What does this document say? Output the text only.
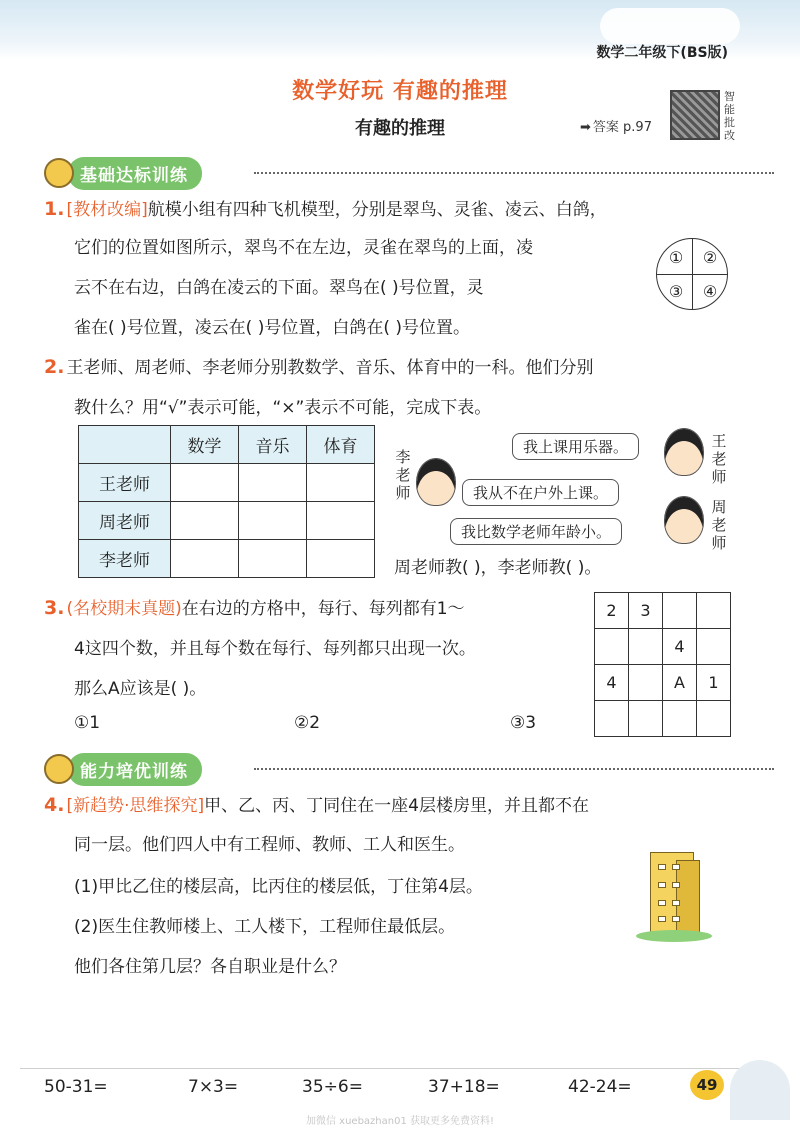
数学二年级下(BS版)
数学好玩 有趣的推理
有趣的推理	➡ 答案 p.97
智能批改
基础达标训练
1. [教材改编]航模小组有四种飞机模型，分别是翠鸟、灵雀、凌云、白鸽，
它们的位置如图所示，翠鸟不在左边，灵雀在翠鸟的上面，凌
云不在右边，白鸽在凌云的下面。翠鸟在( )号位置，灵
雀在( )号位置，凌云在( )号位置，白鸽在( )号位置。
① ②
③ ④
2. 王老师、周老师、李老师分别教数学、音乐、体育中的一科。他们分别
教什么？用“√”表示可能，“×”表示不可能，完成下表。
	数学	音乐	体育
王老师			
周老师			
李老师			
李老师
我上课用乐器。
我从不在户外上课。
我比数学老师年龄小。
王老师
周老师
周老师教( )，李老师教( )。
3. (名校期末真题)在右边的方格中，每行、每列都有1～
4这四个数，并且每个数在每行、每列都只出现一次。
那么A应该是( )。
①1	②2	③3
2	3		
		4	
4		A	1

能力培优训练
4. [新趋势·思维探究]甲、乙、丙、丁同住在一座4层楼房里，并且都不在
同一层。他们四人中有工程师、教师、工人和医生。
(1)甲比乙住的楼层高，比丙住的楼层低，丁住第4层。
(2)医生住教师楼上、工人楼下，工程师住最低层。
他们各住第几层？各自职业是什么？
50-31=	7×3=	35÷6=	37+18=	42-24=	49
加微信 xuebazhan01 获取更多免费资料!
